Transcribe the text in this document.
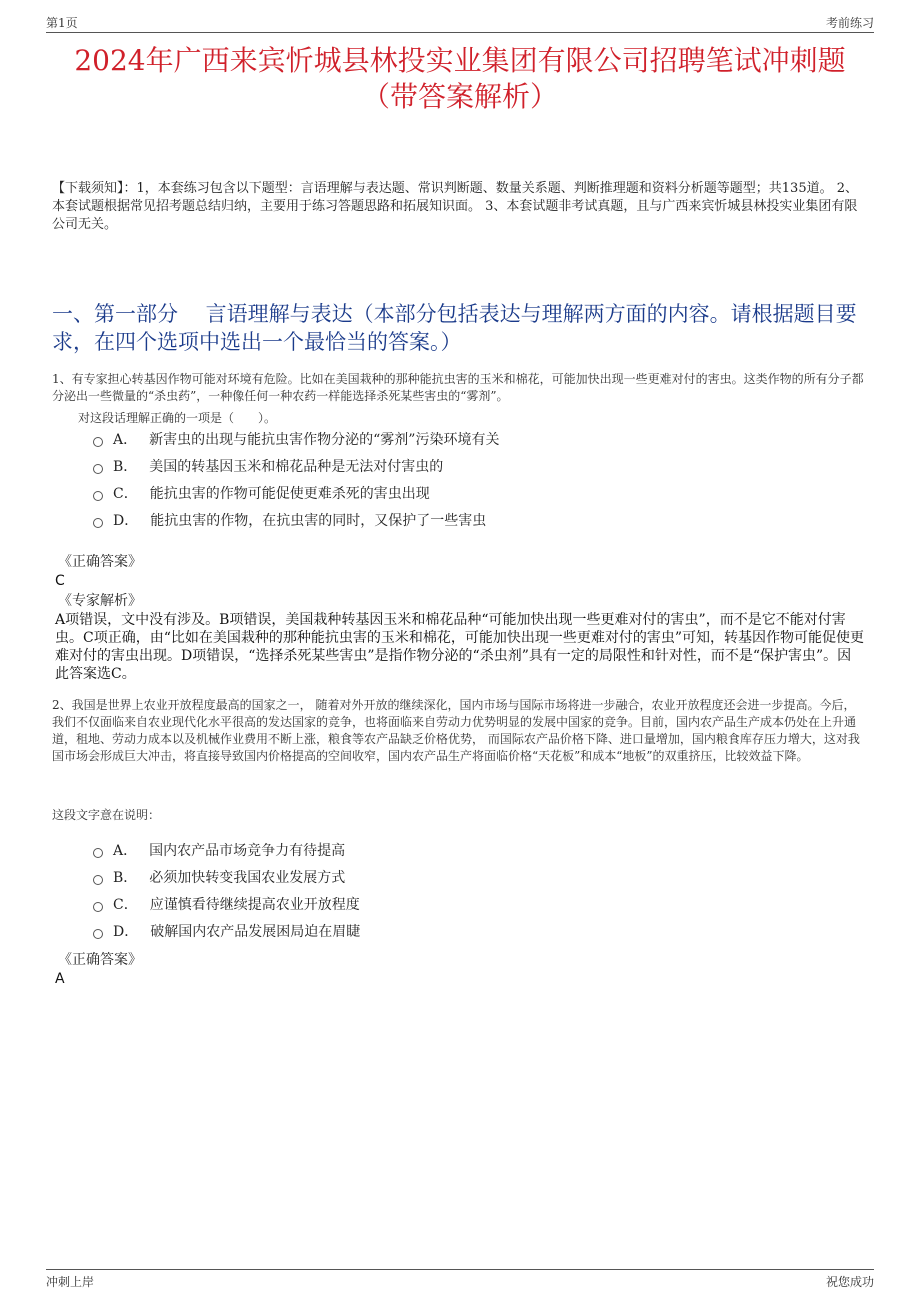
第1页	考前练习
2024年广西来宾忻城县林投实业集团有限公司招聘笔试冲刺题
（带答案解析）
【下载须知】：1，本套练习包含以下题型：言语理解与表达题、常识判断题、数量关系题、判断推理题和资料分析题等题型；共135道。 2、本套试题根据常见招考题总结归纳，主要用于练习答题思路和拓展知识面。 3、本套试题非考试真题，且与广西来宾忻城县林投实业集团有限公司无关。
一、第一部分　 言语理解与表达（本部分包括表达与理解两方面的内容。请根据题目要求，在四个选项中选出一个最恰当的答案。）
1、有专家担心转基因作物可能对环境有危险。比如在美国栽种的那种能抗虫害的玉米和棉花，可能加快出现一些更难对付的害虫。这类作物的所有分子都分泌出一些微量的“杀虫药”，一种像任何一种农药一样能选择杀死某些害虫的“雾剂”。
对这段话理解正确的一项是（　　）。
A． 新害虫的出现与能抗虫害作物分泌的“雾剂”污染环境有关
B． 美国的转基因玉米和棉花品种是无法对付害虫的
C． 能抗虫害的作物可能促使更难杀死的害虫出现
D． 能抗虫害的作物，在抗虫害的同时，又保护了一些害虫
《正确答案》
C
《专家解析》
A项错误，文中没有涉及。B项错误，美国栽种转基因玉米和棉花品种“可能加快出现一些更难对付的害虫”，而不是它不能对付害虫。C项正确，由“比如在美国栽种的那种能抗虫害的玉米和棉花，可能加快出现一些更难对付的害虫”可知，转基因作物可能促使更难对付的害虫出现。D项错误，“选择杀死某些害虫”是指作物分泌的“杀虫剂”具有一定的局限性和针对性，而不是“保护害虫”。因此答案选C。
2、我国是世界上农业开放程度最高的国家之一， 随着对外开放的继续深化，国内市场与国际市场将进一步融合，农业开放程度还会进一步提高。今后，我们不仅面临来自农业现代化水平很高的发达国家的竞争，也将面临来自劳动力优势明显的发展中国家的竞争。目前，国内农产品生产成本仍处在上升通道，租地、劳动力成本以及机械作业费用不断上涨，粮食等农产品缺乏价格优势， 而国际农产品价格下降、进口量增加，国内粮食库存压力增大，这对我国市场会形成巨大冲击，将直接导致国内价格提高的空间收窄，国内农产品生产将面临价格“天花板”和成本“地板”的双重挤压，比较效益下降。
这段文字意在说明：
A． 国内农产品市场竞争力有待提高
B． 必须加快转变我国农业发展方式
C． 应谨慎看待继续提高农业开放程度
D． 破解国内农产品发展困局迫在眉睫
《正确答案》
A
冲刺上岸	祝您成功
